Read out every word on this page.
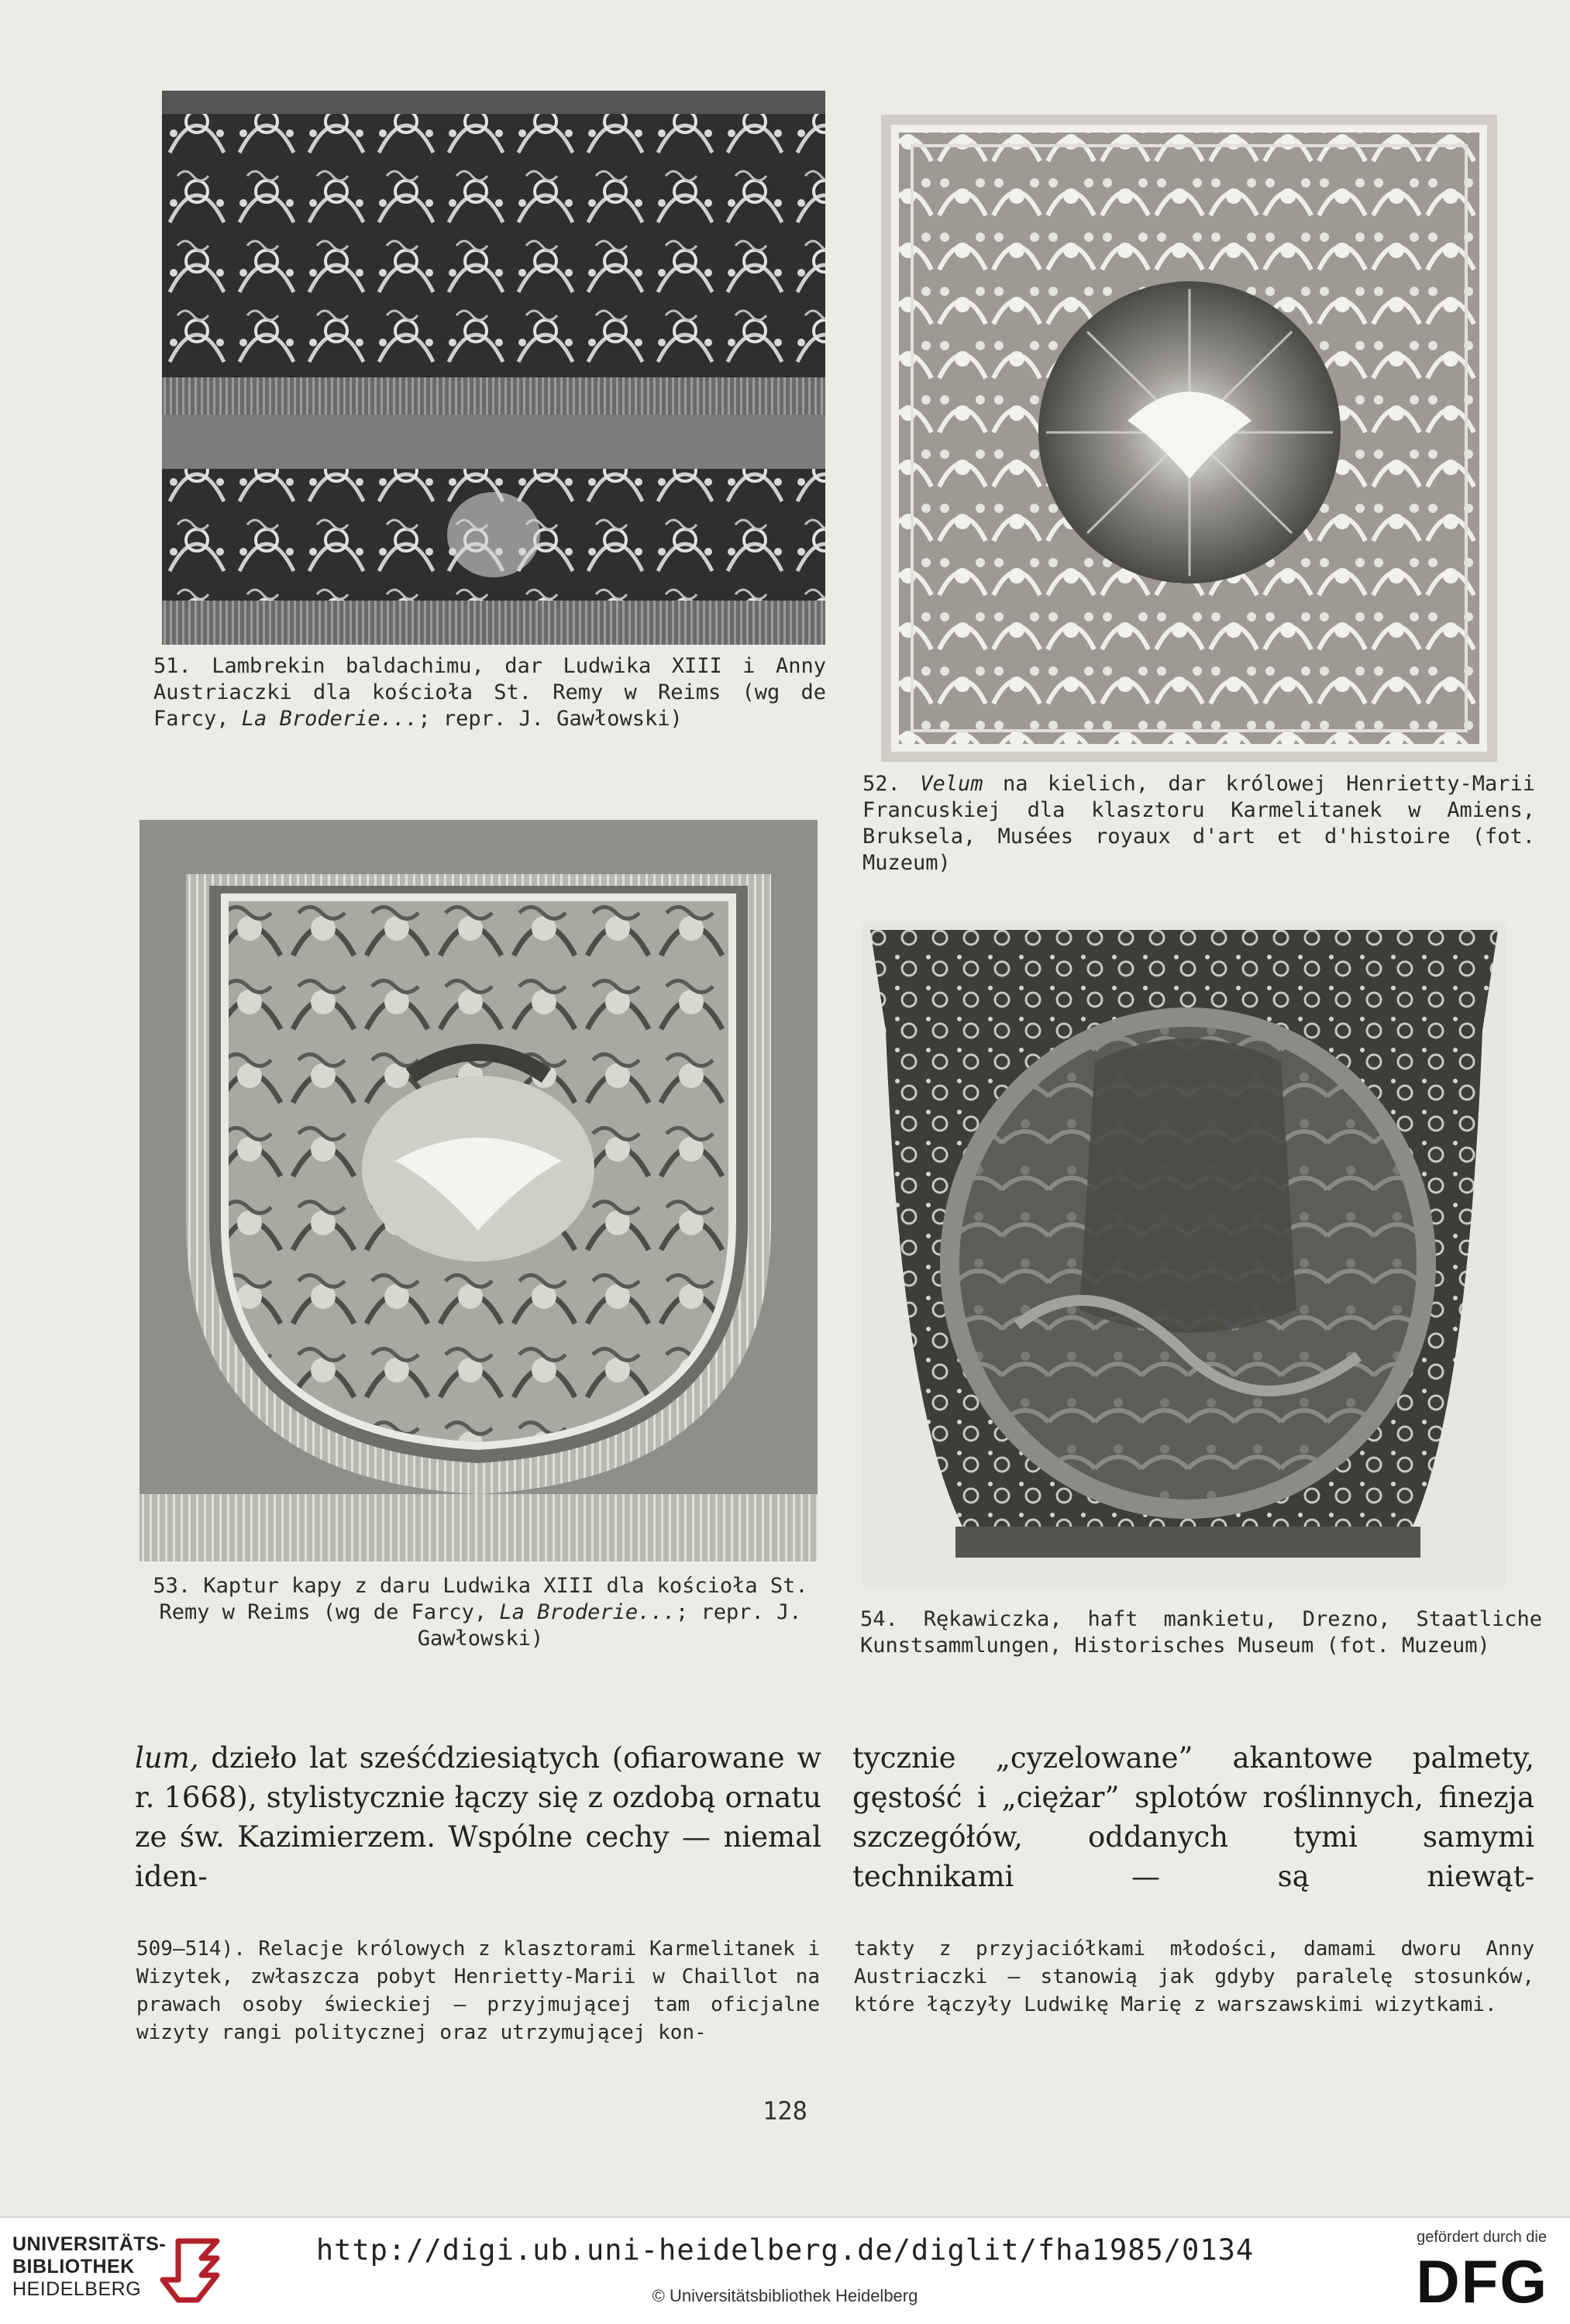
51. Lambrekin baldachimu, dar Ludwika XIII i Anny Austriaczki dla kościoła St. Remy w Reims (wg de Farcy, La Broderie...; repr. J. Gawłowski)
52. Velum na kielich, dar królowej Henrietty-Marii Francuskiej dla klasztoru Karmelitanek w Amiens, Bruksela, Musées royaux d'art et d'histoire (fot. Muzeum)
53. Kaptur kapy z daru Ludwika XIII dla kościoła St. Remy w Reims (wg de Farcy, La Broderie...; repr. J. Gawłowski)
54. Rękawiczka, haft mankietu, Drezno, Staatliche Kunstsammlungen, Historisches Museum (fot. Muzeum)
lum, dzieło lat sześćdziesiątych (ofiarowane w r. 1668), stylistycznie łączy się z ozdobą ornatu ze św. Kazimierzem. Wspólne cechy — niemal iden-
tycznie „cyzelowane” akantowe palmety, gęstość i „ciężar” splotów roślinnych, finezja szczegółów, oddanych tymi samymi technikami — są niewąt-
509—514). Relacje królowych z klasztorami Karmelitanek i Wizytek, zwłaszcza pobyt Henrietty-Marii w Chaillot na prawach osoby świeckiej — przyjmującej tam oficjalne wizyty rangi politycznej oraz utrzymującej kon-
takty z przyjaciółkami młodości, damami dworu Anny Austriaczki — stanowią jak gdyby paralelę stosunków, które łączyły Ludwikę Marię z warszawskimi wizytkami.
128
UNIVERSITÄTS-
BIBLIOTHEK
HEIDELBERG
http://digi.ub.uni-heidelberg.de/diglit/fha1985/0134
© Universitätsbibliothek Heidelberg
gefördert durch die
DFG
